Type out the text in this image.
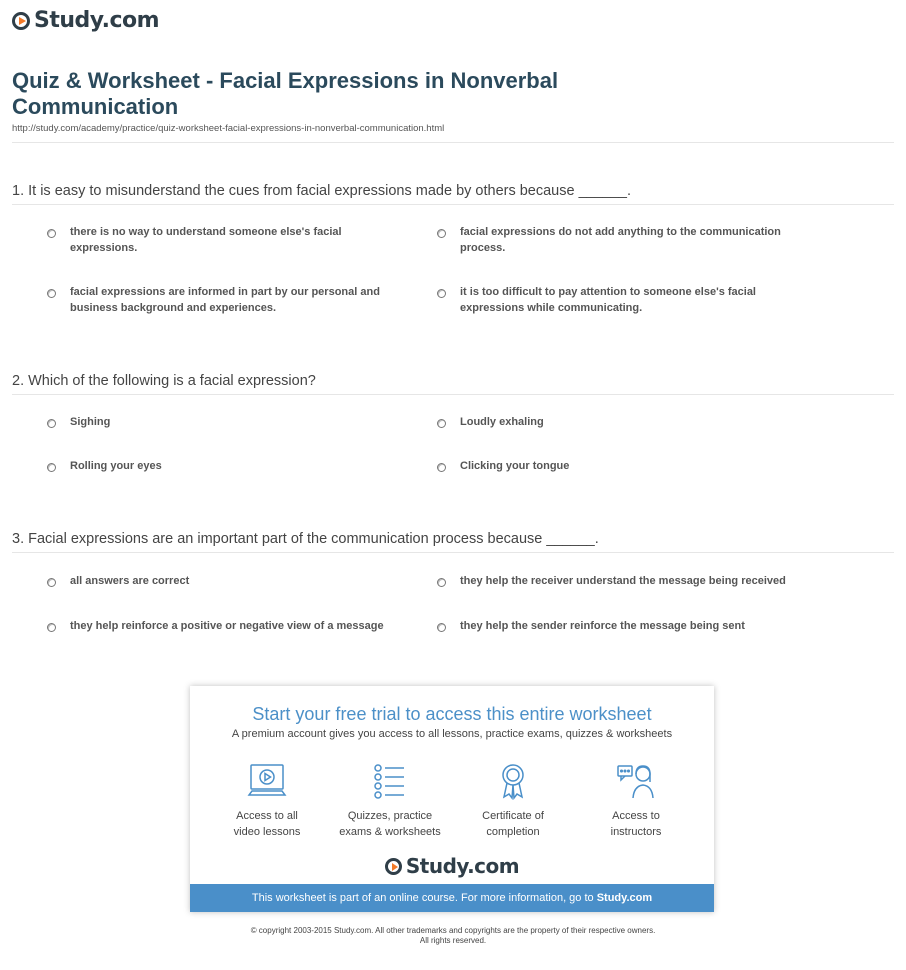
Study.com
Quiz & Worksheet - Facial Expressions in Nonverbal
Communication
http://study.com/academy/practice/quiz-worksheet-facial-expressions-in-nonverbal-communication.html
1. It is easy to misunderstand the cues from facial expressions made by others because ______.
there is no way to understand someone else's facial expressions.
facial expressions do not add anything to the communication process.
facial expressions are informed in part by our personal and business background and experiences.
it is too difficult to pay attention to someone else's facial expressions while communicating.
2. Which of the following is a facial expression?
Sighing	Loudly exhaling
Rolling your eyes	Clicking your tongue
3. Facial expressions are an important part of the communication process because ______.
all answers are correct	they help the receiver understand the message being received
they help reinforce a positive or negative view of a message	they help the sender reinforce the message being sent
Start your free trial to access this entire worksheet
A premium account gives you access to all lessons, practice exams, quizzes & worksheets
Access to all
video lessons
Quizzes, practice
exams & worksheets
Certificate of
completion
Access to
instructors
Study.com
This worksheet is part of an online course. For more information, go to Study.com
© copyright 2003-2015 Study.com. All other trademarks and copyrights are the property of their respective owners.
All rights reserved.
